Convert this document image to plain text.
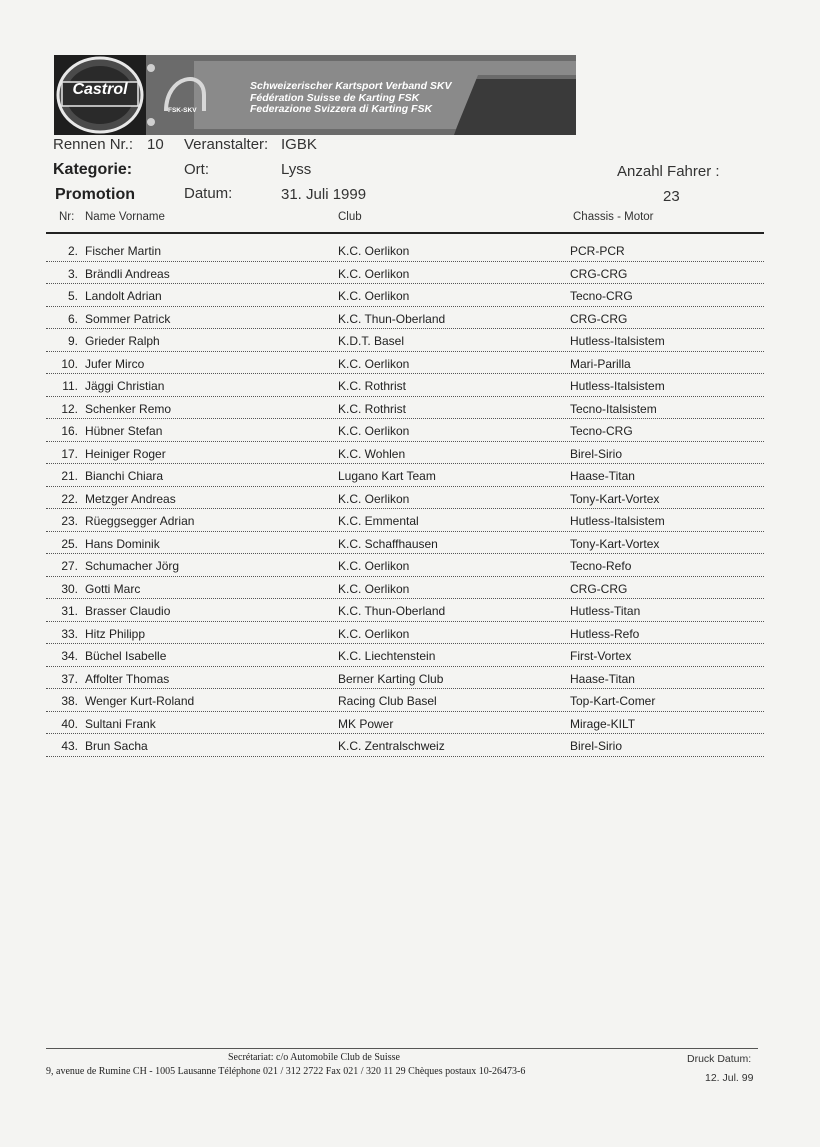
Castrol
FSK-SKV
Schweizerischer Kartsport Verband SKV
Fédération Suisse de Karting FSK
Federazione Svizzera di Karting FSK
Rennen Nr.: 10 Veranstalter: IGBK
Kategorie:	Ort:	Lyss	Anzahl Fahrer :
Promotion	Datum:	31. Juli 1999	23
Nr: Name Vorname	Club	Chassis - Motor
2. Fischer Martin	K.C. Oerlikon	PCR-PCR
3. Brändli Andreas	K.C. Oerlikon	CRG-CRG
5. Landolt Adrian	K.C. Oerlikon	Tecno-CRG
6. Sommer Patrick	K.C. Thun-Oberland	CRG-CRG
9. Grieder Ralph	K.D.T. Basel	Hutless-Italsistem
10. Jufer Mirco	K.C. Oerlikon	Mari-Parilla
11. Jäggi Christian	K.C. Rothrist	Hutless-Italsistem
12. Schenker Remo	K.C. Rothrist	Tecno-Italsistem
16. Hübner Stefan	K.C. Oerlikon	Tecno-CRG
17. Heiniger Roger	K.C. Wohlen	Birel-Sirio
21. Bianchi Chiara	Lugano Kart Team	Haase-Titan
22. Metzger Andreas	K.C. Oerlikon	Tony-Kart-Vortex
23. Rüeggsegger Adrian	K.C. Emmental	Hutless-Italsistem
25. Hans Dominik	K.C. Schaffhausen	Tony-Kart-Vortex
27. Schumacher Jörg	K.C. Oerlikon	Tecno-Refo
30. Gotti Marc	K.C. Oerlikon	CRG-CRG
31. Brasser Claudio	K.C. Thun-Oberland	Hutless-Titan
33. Hitz Philipp	K.C. Oerlikon	Hutless-Refo
34. Büchel Isabelle	K.C. Liechtenstein	First-Vortex
37. Affolter Thomas	Berner Karting Club	Haase-Titan
38. Wenger Kurt-Roland	Racing Club Basel	Top-Kart-Comer
40. Sultani Frank	MK Power	Mirage-KILT
43. Brun Sacha	K.C. Zentralschweiz	Birel-Sirio
Secrétariat: c/o Automobile Club de Suisse
9, avenue de Rumine CH - 1005 Lausanne Téléphone 021 / 312 2722 Fax 021 / 320 11 29 Chèques postaux 10-26473-6
Druck Datum:
12. Jul. 99
